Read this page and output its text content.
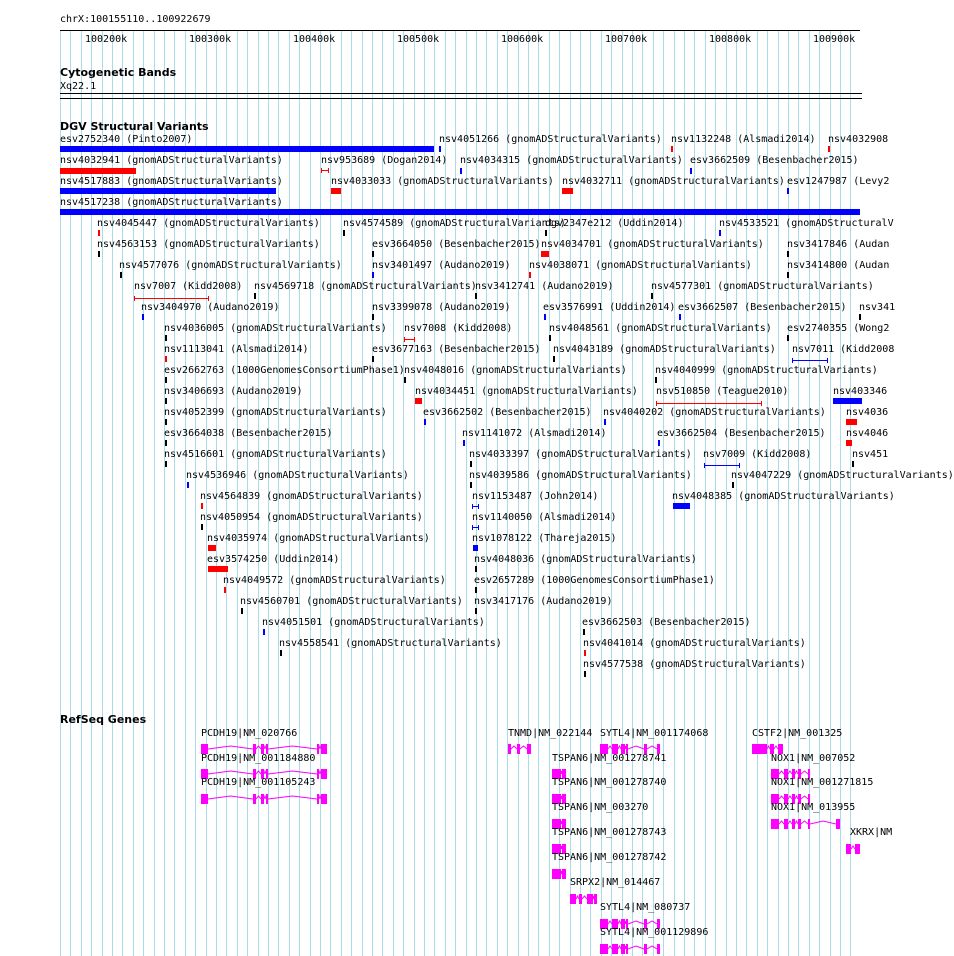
chrX:100155110..100922679
100200k	100300k	100400k	100500k	100600k	100700k	100800k	100900k
Cytogenetic Bands
Xq22.1
DGV Structural Variants
esv2752340 (Pinto2007)	nsv4051266 (gnomADStructuralVariants) nsv1132248 (Alsmadi2014) nsv4032908
nsv4032941 (gnomADStructuralVariants)	nsv953689 (Dogan2014) nsv4034315 (gnomADStructuralVariants) esv3662509 (Besenbacher2015)
nsv4517883 (gnomADStructuralVariants)	nsv4033033 (gnomADStructuralVariants) nsv4032711 (gnomADStructuralVariants) esv1247987 (Levy2
nsv4517238 (gnomADStructuralVariants)
nsv4045447 (gnomADStructuralVariants) nsv4574589 (gnomADStructuralVariants)
dgv2347e212 (Uddin2014)	nsv4533521 (gnomADStructuralV
nsv4563153 (gnomADStructuralVariants)	esv3664050 (Besenbacher2015) nsv4034701 (gnomADStructuralVariants) nsv3417846 (Audan
nsv4577076 (gnomADStructuralVariants)	nsv3401497 (Audano2019) nsv4038071 (gnomADStructuralVariants)	nsv3414800 (Audan
nsv7007 (Kidd2008) nsv4569718 (gnomADStructuralVariants)
nsv3412741 (Audano2019)	nsv4577301 (gnomADStructuralVariants)
nsv3404970 (Audano2019)	nsv3399078 (Audano2019)	esv3576991 (Uddin2014) esv3662507 (Besenbacher2015) nsv341
nsv4036005 (gnomADStructuralVariants) nsv7008 (Kidd2008)	nsv4048561 (gnomADStructuralVariants) esv2740355 (Wong2
nsv1113041 (Alsmadi2014)	esv3677163 (Besenbacher2015) nsv4043189 (gnomADStructuralVariants) nsv7011 (Kidd2008
esv2662763 (1000GenomesConsortiumPhase1) nsv4048016 (gnomADStructuralVariants)	nsv4040999 (gnomADStructuralVariants)
nsv3406693 (Audano2019)	nsv4034451 (gnomADStructuralVariants) nsv510850 (Teague2010)	nsv403346
nsv4052399 (gnomADStructuralVariants)	esv3662502 (Besenbacher2015) nsv4040202 (gnomADStructuralVariants) nsv4036
esv3664038 (Besenbacher2015)	nsv1141072 (Alsmadi2014)	esv3662504 (Besenbacher2015) nsv4046
nsv4516601 (gnomADStructuralVariants)	nsv4033397 (gnomADStructuralVariants) nsv7009 (Kidd2008)	nsv451
nsv4536946 (gnomADStructuralVariants)	nsv4039586 (gnomADStructuralVariants)	nsv4047229 (gnomADStructuralVariants)
nsv4564839 (gnomADStructuralVariants)	nsv1153487 (John2014)	nsv4048385 (gnomADStructuralVariants)
nsv4050954 (gnomADStructuralVariants)	nsv1140050 (Alsmadi2014)
nsv4035974 (gnomADStructuralVariants)	nsv1078122 (Thareja2015)
esv3574250 (Uddin2014)	nsv4048036 (gnomADStructuralVariants)
nsv4049572 (gnomADStructuralVariants)	esv2657289 (1000GenomesConsortiumPhase1)
nsv4560701 (gnomADStructuralVariants) nsv3417176 (Audano2019)
nsv4051501 (gnomADStructuralVariants)	esv3662503 (Besenbacher2015)
nsv4558541 (gnomADStructuralVariants)	nsv4041014 (gnomADStructuralVariants)
nsv4577538 (gnomADStructuralVariants)
RefSeq Genes
PCDH19|NM_020766
PCDH19|NM_001184880
PCDH19|NM_001105243
TNMD|NM_022144 SYTL4|NM_001174068	CSTF2|NM_001325
TSPAN6|NM_001278741	NOX1|NM_007052
TSPAN6|NM_001278740	NOX1|NM_001271815
TSPAN6|NM_003270	NOX1|NM_013955
TSPAN6|NM_001278743	XKRX|NM
TSPAN6|NM_001278742
SRPX2|NM_014467
SYTL4|NM_080737
SYTL4|NM_001129896
